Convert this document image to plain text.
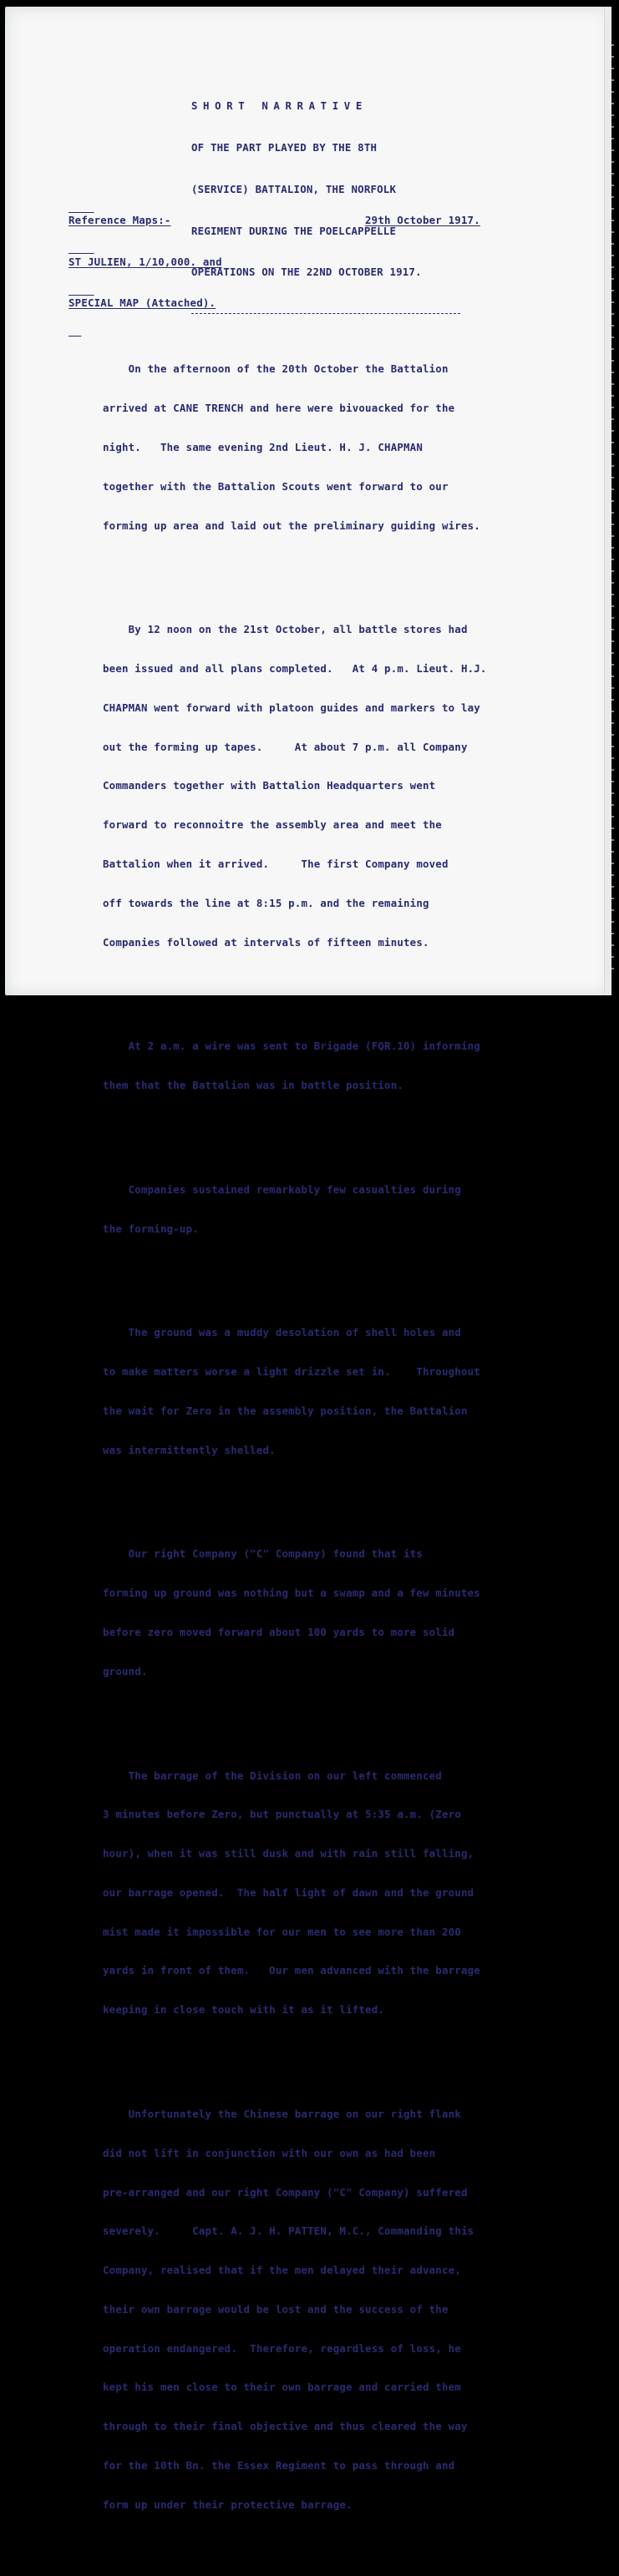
SHORT NARRATIVE

OF THE PART PLAYED BY THE 8TH

(SERVICE) BATTALION, THE NORFOLK

REGIMENT DURING THE POELCAPPELLE

OPERATIONS ON THE 22ND OCTOBER 1917.

Reference Maps:-

ST JULIEN, 1/10,000. and

SPECIAL MAP (Attached).

29th October 1917.

On the afternoon of the 20th October the Battalion

arrived at CANE TRENCH and here were bivouacked for the

night.   The same evening 2nd Lieut. H. J. CHAPMAN

together with the Battalion Scouts went forward to our

forming up area and laid out the preliminary guiding wires.

By 12 noon on the 21st October, all battle stores had

been issued and all plans completed.   At 4 p.m. Lieut. H.J.

CHAPMAN went forward with platoon guides and markers to lay

out the forming up tapes.     At about 7 p.m. all Company

Commanders together with Battalion Headquarters went

forward to reconnoitre the assembly area and meet the

Battalion when it arrived.     The first Company moved

off towards the line at 8:15 p.m. and the remaining

Companies followed at intervals of fifteen minutes.

At 2 a.m. a wire was sent to Brigade (FQR.10) informing

them that the Battalion was in battle position.

Companies sustained remarkably few casualties during

the forming-up.

The ground was a muddy desolation of shell holes and

to make matters worse a light drizzle set in.    Throughout

the wait for Zero in the assembly position, the Battalion

was intermittently shelled.

Our right Company ("C" Company) found that its

forming up ground was nothing but a swamp and a few minutes

before zero moved forward about 100 yards to more solid

ground.

The barrage of the Division on our left commenced

3 minutes before Zero, but punctually at 5:35 a.m. (Zero

hour), when it was still dusk and with rain still falling,

our barrage opened.  The half light of dawn and the ground

mist made it impossible for our men to see more than 200

yards in front of them.   Our men advanced with the barrage

keeping in close touch with it as it lifted.

Unfortunately the Chinese barrage on our right flank

did not lift in conjunction with our own as had been

pre-arranged and our right Company ("C" Company) suffered

severely.     Capt. A. J. H. PATTEN, M.C., Commanding this

Company, realised that if the men delayed their advance,

their own barrage would be lost and the success of the

operation endangered.  Therefore, regardless of loss, he

kept his men close to their own barrage and carried them

through to their final objective and thus cleared the way

for the 10th Bn. the Essex Regiment to pass through and

form up under their protective barrage.
